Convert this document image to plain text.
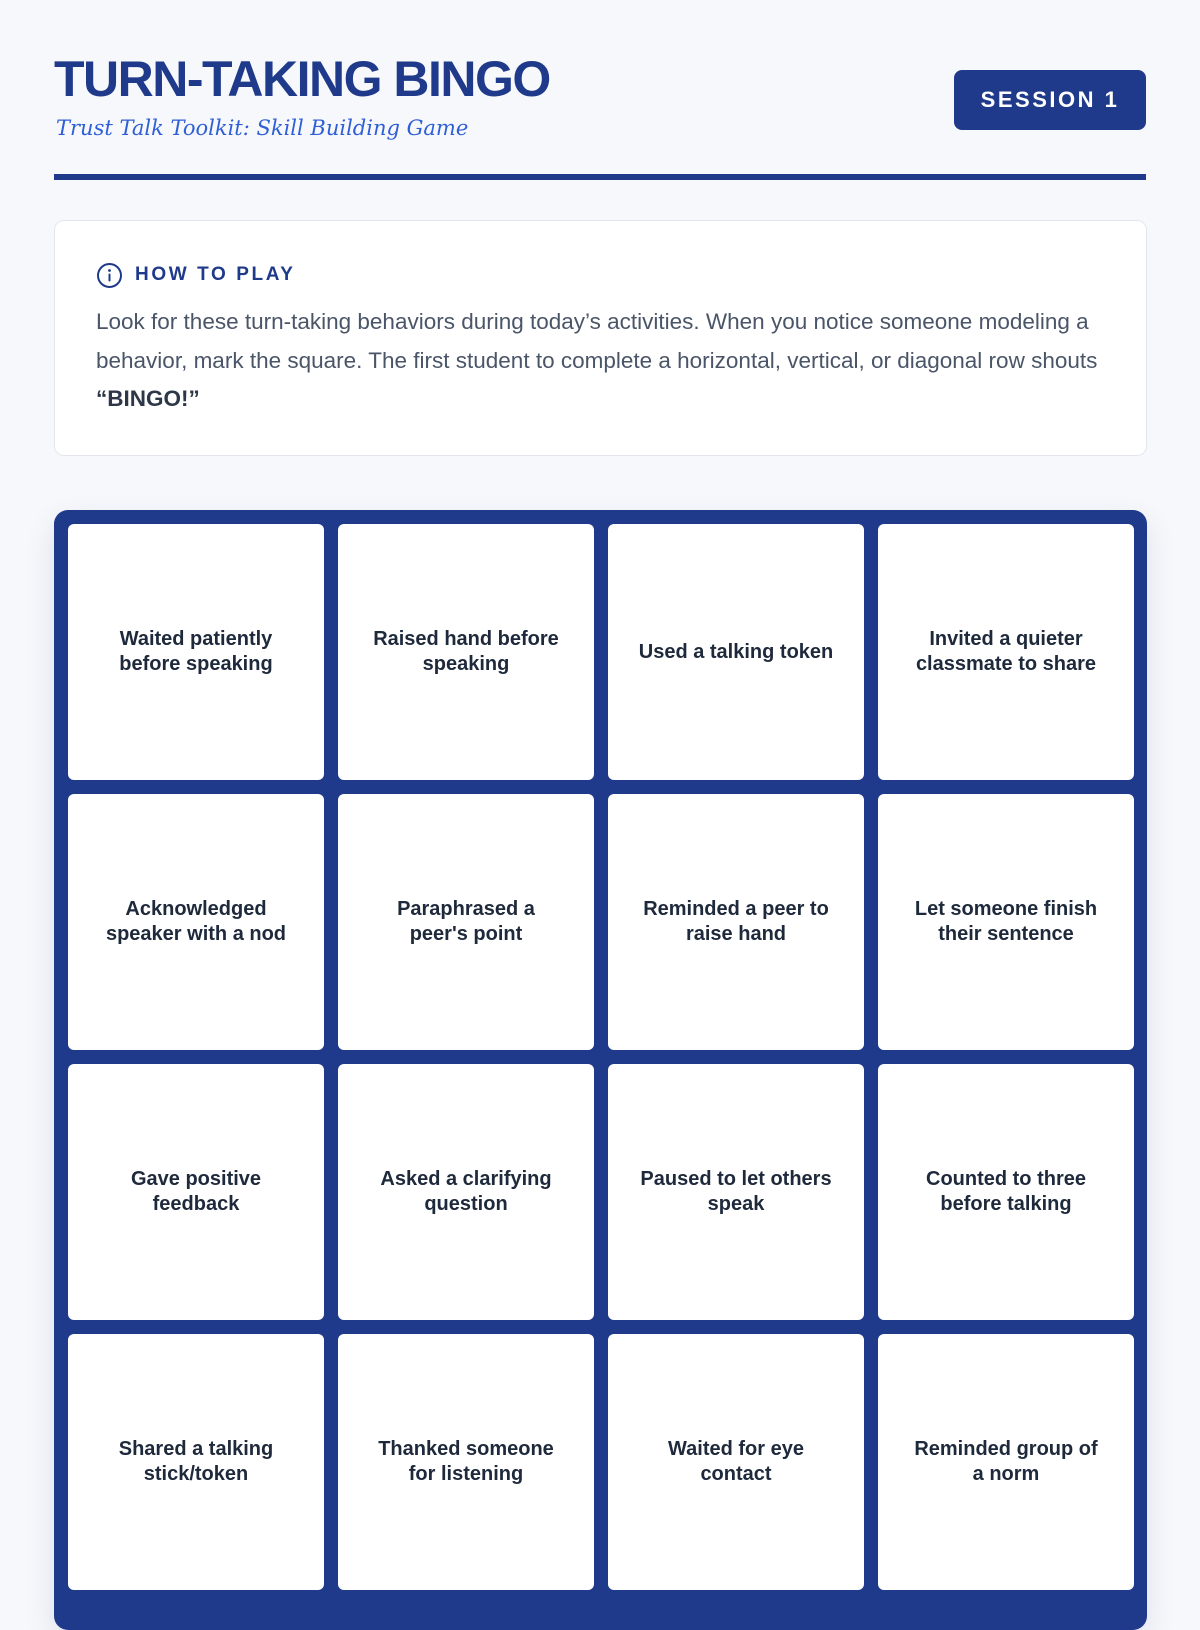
TURN-TAKING BINGO
Trust Talk Toolkit: Skill Building Game
SESSION 1
HOW TO PLAY

Look for these turn-taking behaviors during today’s activities. When you notice someone modeling a behavior, mark the square. The first student to complete a horizontal, vertical, or diagonal row shouts “BINGO!”

Waited patiently before speaking
Raised hand before speaking
Used a talking token
Invited a quieter classmate to share
Acknowledged speaker with a nod
Paraphrased a peer's point
Reminded a peer to raise hand
Let someone finish their sentence
Gave positive feedback
Asked a clarifying question
Paused to let others speak
Counted to three before talking
Shared a talking stick/token
Thanked someone for listening
Waited for eye contact
Reminded group of a norm
